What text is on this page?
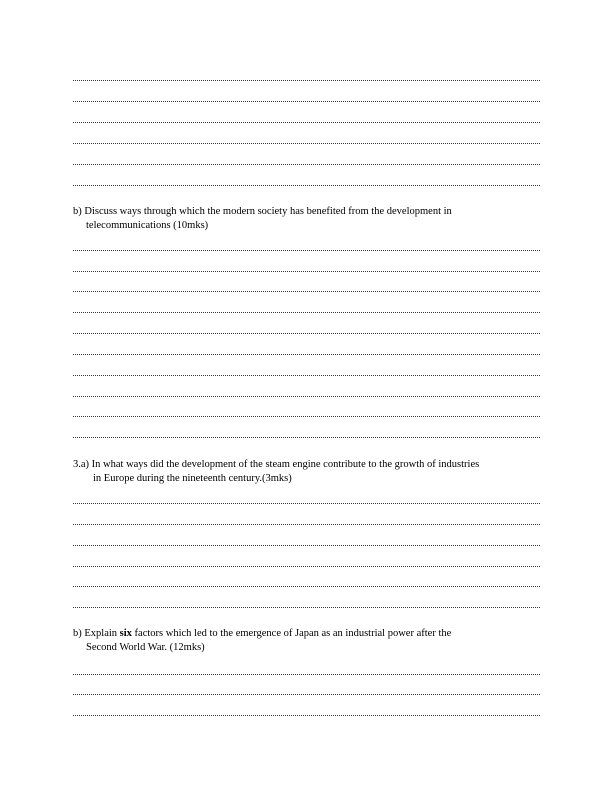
b) Discuss ways through which the modern society has benefited from the development in
telecommunications (10mks)
3.a) In what ways did the development of the steam engine contribute to the growth of industries
in Europe during the nineteenth century.(3mks)
b) Explain six factors which led to the emergence of Japan as an industrial power after the
Second World War. (12mks)
